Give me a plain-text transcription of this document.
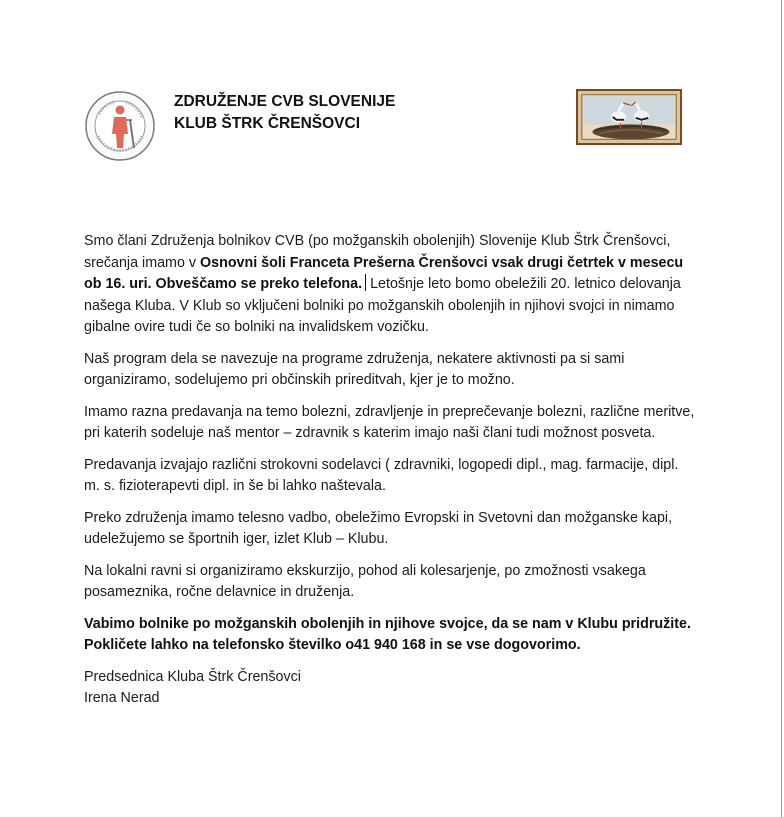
ZDRUŽENJE CVB SLOVENIJE
KLUB ŠTRK ČRENŠOVCI

Smo člani Združenja bolnikov CVB (po možganskih obolenjih) Slovenije Klub Štrk Črenšovci, srečanja imamo v Osnovni šoli Franceta Prešerna Črenšovci vsak drugi četrtek v mesecu ob 16. uri. Obveščamo se preko telefona. Letošnje leto bomo obeležili 20. letnico delovanja našega Kluba. V Klub so vključeni bolniki po možganskih obolenjih in njihovi svojci in nimamo gibalne ovire tudi če so bolniki na invalidskem vozičku.

Naš program dela se navezuje na programe združenja, nekatere aktivnosti pa si sami organiziramo, sodelujemo pri občinskih prireditvah, kjer je to možno.

Imamo razna predavanja na temo bolezni, zdravljenje in preprečevanje bolezni, različne meritve, pri katerih sodeluje naš mentor – zdravnik s katerim imajo naši člani tudi možnost posveta.

Predavanja izvajajo različni strokovni sodelavci ( zdravniki, logopedi dipl., mag. farmacije, dipl. m. s. fizioterapevti dipl. in še bi lahko naštevala.

Preko združenja imamo telesno vadbo, obeležimo Evropski in Svetovni dan možganske kapi, udeležujemo se športnih iger, izlet Klub – Klubu.

Na lokalni ravni si organiziramo ekskurzijo, pohod ali kolesarjenje, po zmožnosti vsakega posameznika, ročne delavnice in druženja.

Vabimo bolnike po možganskih obolenjih in njihove svojce, da se nam v Klubu pridružite.
Pokličete lahko na telefonsko številko o41 940 168 in se vse dogovorimo.

Predsednica Kluba Štrk Črenšovci
Irena Nerad
